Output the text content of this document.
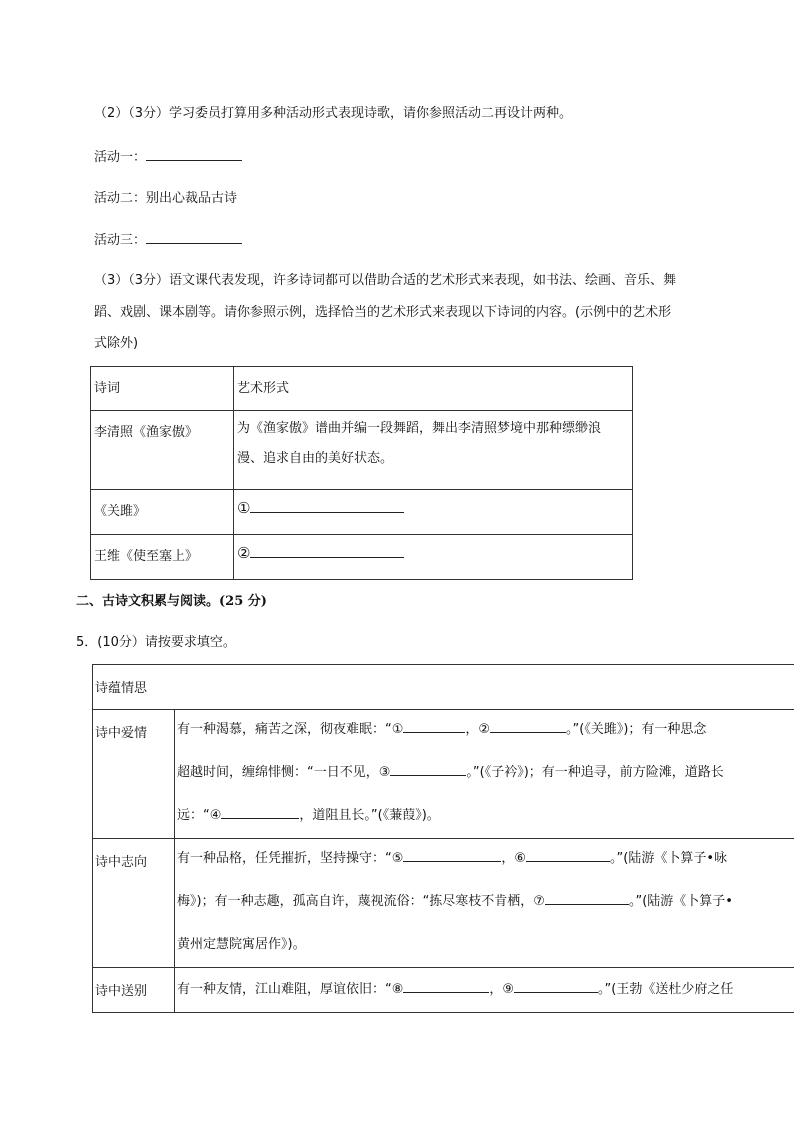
（2）（3分）学习委员打算用多种活动形式表现诗歌，请你参照活动二再设计两种。
活动一：
活动二：别出心裁品古诗
活动三：
（3）（3分）语文课代表发现，许多诗词都可以借助合适的艺术形式来表现，如书法、绘画、音乐、舞
蹈、戏剧、课本剧等。请你参照示例，选择恰当的艺术形式来表现以下诗词的内容。(示例中的艺术形
式除外)
诗词	艺术形式
李清照《渔家傲》	为《渔家傲》谱曲并编一段舞蹈，舞出李清照梦境中那种缥缈浪
漫、追求自由的美好状态。

《关雎》	①
王维《使至塞上》	②
二、古诗文积累与阅读。(25 分)
5．(10分）请按要求填空。
诗蕴情思	
诗中爱情	有一种渴慕，痛苦之深，彻夜难眠：“① ，② 。”(《关雎》)；有一种思念
超越时间，缠绵悱恻：“一日不见，③ 。”(《子衿》)；有一种追寻，前方险滩，道路长
远：“④ ，道阻且长。”(《蒹葭》)。

诗中志向	有一种品格，任凭摧折，坚持操守：“⑤ ，⑥ 。”(陆游《卜算子•咏
梅》)；有一种志趣，孤高自许，蔑视流俗：“拣尽寒枝不肯栖，⑦ 。”(陆游《卜算子•
黄州定慧院寓居作》)。

诗中送别	有一种友情，江山难阻，厚谊依旧：“⑧ ，⑨ 。”(王勃《送杜少府之任
